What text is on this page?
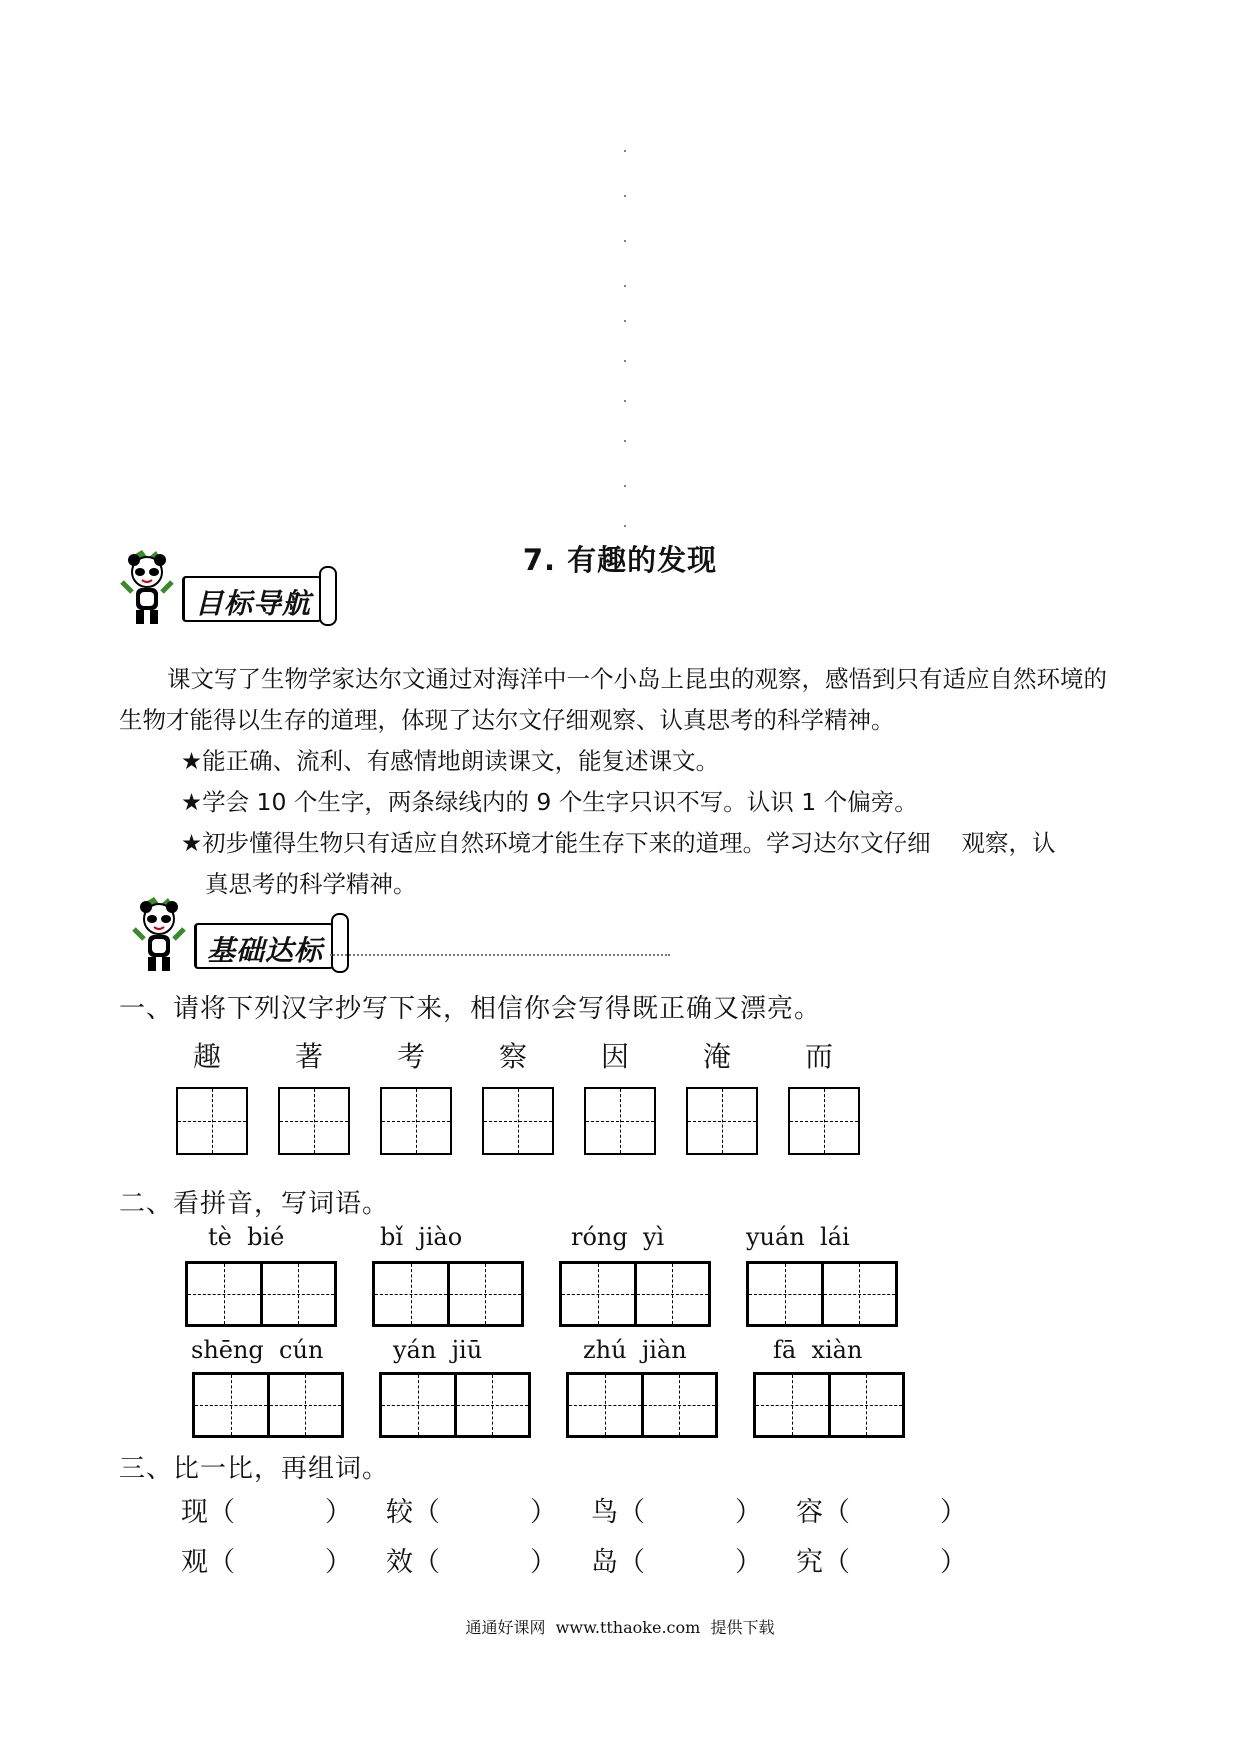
7. 有趣的发现
目标导航
课文写了生物学家达尔文通过对海洋中一个小岛上昆虫的观察，感悟到只有适应自然环境的生物才能得以生存的道理，体现了达尔文仔细观察、认真思考的科学精神。
★能正确、流利、有感情地朗读课文，能复述课文。
★学会 10 个生字，两条绿线内的 9 个生字只识不写。认识 1 个偏旁。
★初步懂得生物只有适应自然环境才能生存下来的道理。学习达尔文仔细　 观察，认
真思考的科学精神。
基础达标
一、请将下列汉字抄写下来，相信你会写得既正确又漂亮。
趣	著	考	察	因	淹	而
二、看拼音，写词语。
tè  bié	bǐ  jiào	róng  yì	yuán  lái
shēng  cún	yán  jiū	zhú  jiàn	fā  xiàn
三、比一比，再组词。
现（	） 较（	） 鸟（	） 容（	）
观（	） 效（	） 岛（	） 究（	）
通通好课网  www.tthaoke.com  提供下载
